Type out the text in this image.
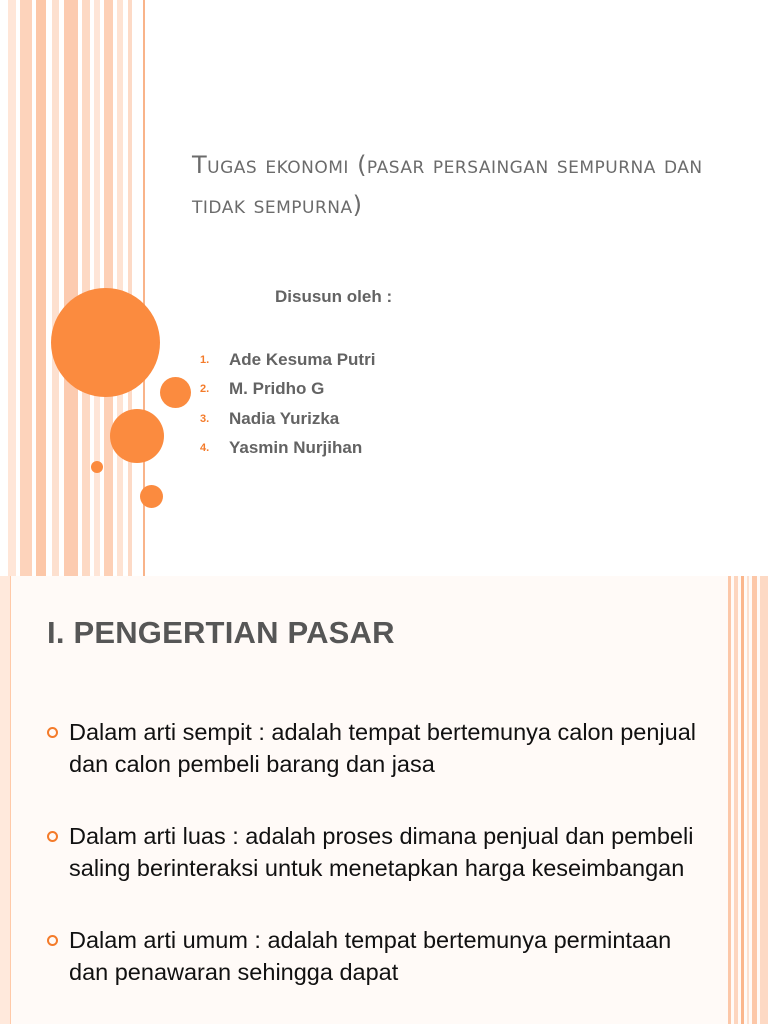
Tugas ekonomi (pasar persaingan sempurna dan tidak sempurna)
Disusun oleh :
1.	Ade Kesuma Putri
2.	M. Pridho G
3.	Nadia Yurizka
4.	Yasmin Nurjihan
I. PENGERTIAN PASAR
Dalam arti sempit : adalah tempat bertemunya calon penjual dan calon pembeli barang dan jasa
Dalam arti luas : adalah proses dimana penjual dan pembeli saling berinteraksi untuk menetapkan harga keseimbangan
Dalam arti umum : adalah tempat bertemunya permintaan dan penawaran sehingga dapat
